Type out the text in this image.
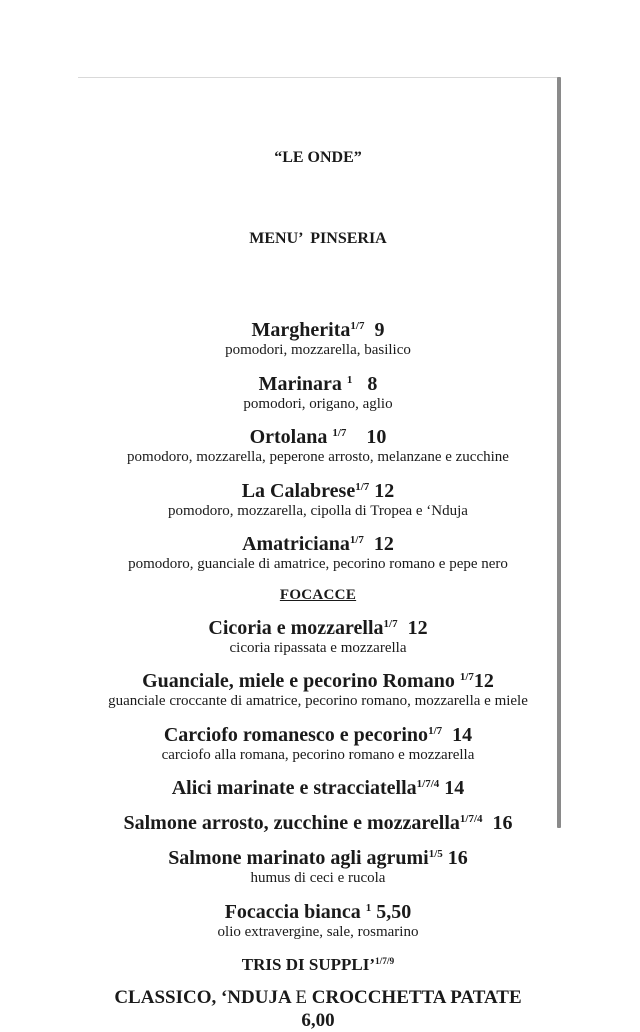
“LE ONDE”

MENU’  PINSERIA

Margherita$^{1/7}$  9
pomodori, mozzarella, basilico
Marinara $^1$   8
pomodori, origano, aglio
Ortolana $^{1/7}$    10
pomodoro, mozzarella, peperone arrosto, melanzane e zucchine
La Calabrese$^{1/7}$ 12
pomodoro, mozzarella, cipolla di Tropea e ‘Nduja
Amatriciana$^{1/7}$  12
pomodoro, guanciale di amatrice, pecorino romano e pepe nero
FOCACCE
Cicoria e mozzarella$^{1/7}$  12
cicoria ripassata e mozzarella
Guanciale, miele e pecorino Romano $^{1/7}$12
guanciale croccante di amatrice, pecorino romano, mozzarella e miele
Carciofo romanesco e pecorino$^{1/7}$  14
carciofo alla romana, pecorino romano e mozzarella
Alici marinate e stracciatella$^{1/7/4}$ 14
Salmone arrosto, zucchine e mozzarella$^{1/7/4}$  16
Salmone marinato agli agrumi$^{1/5}$ 16
humus di ceci e rucola
Focaccia bianca $^1$ 5,50
olio extravergine, sale, rosmarino
TRIS DI SUPPLI’$^{1/7/9}$
CLASSICO, ‘NDUJA E CROCCHETTA PATATE
6,00
